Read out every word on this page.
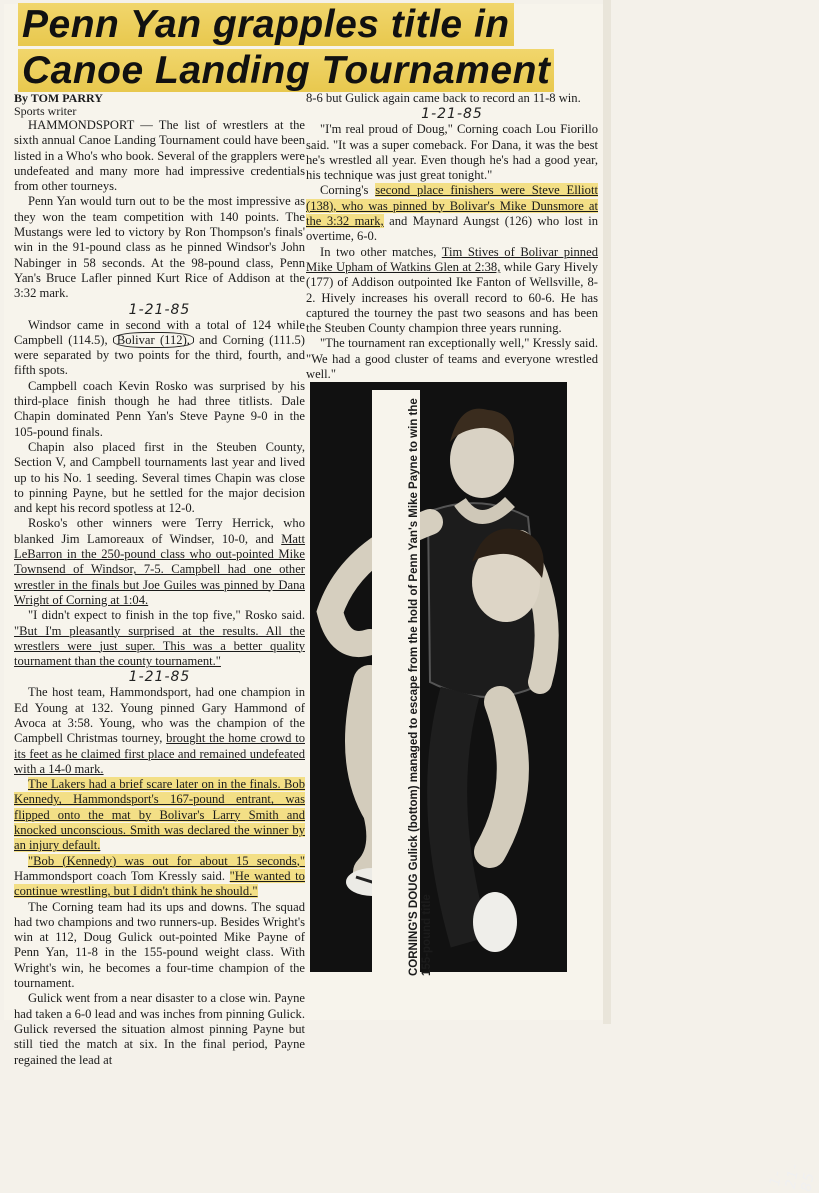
Penn Yan grapples title in
Canoe Landing Tournament

By TOM PARRY

Sports writer

HAMMONDSPORT — The list of wrestlers at the sixth annual Canoe Landing Tournament could have been listed in a Who's who book. Several of the grapplers were undefeated and many more had impressive credentials from other tourneys.

Penn Yan would turn out to be the most impressive as they won the team competition with 140 points. The Mustangs were led to victory by Ron Thompson's finals' win in the 91-pound class as he pinned Windsor's John Nabinger in 58 seconds. At the 98-pound class, Penn Yan's Bruce Lafler pinned Kurt Rice of Addison at the 3:32 mark.

1-21-85

Windsor came in second with a total of 124 while Campbell (114.5), Bolivar (112), and Corning (111.5) were separated by two points for the third, fourth, and fifth spots.

Campbell coach Kevin Rosko was surprised by his third-place finish though he had three titlists. Dale Chapin dominated Penn Yan's Steve Payne 9-0 in the 105-pound finals.

Chapin also placed first in the Steuben County, Section V, and Campbell tournaments last year and lived up to his No. 1 seeding. Several times Chapin was close to pinning Payne, but he settled for the major decision and kept his record spotless at 12-0.

Rosko's other winners were Terry Herrick, who blanked Jim Lamoreaux of Windser, 10-0, and Matt LeBarron in the 250-pound class who out-pointed Mike Townsend of Windsor, 7-5. Campbell had one other wrestler in the finals but Joe Guiles was pinned by Dana Wright of Corning at 1:04.

"I didn't expect to finish in the top five," Rosko said. "But I'm pleasantly surprised at the results. All the wrestlers were just super. This was a better quality tournament than the county tournament."

1-21-85

The host team, Hammondsport, had one champion in Ed Young at 132. Young pinned Gary Hammond of Avoca at 3:58. Young, who was the champion of the Campbell Christmas tourney, brought the home crowd to its feet as he claimed first place and remained undefeated with a 14-0 mark.

The Lakers had a brief scare later on in the finals. Bob Kennedy, Hammondsport's 167-pound entrant, was flipped onto the mat by Bolivar's Larry Smith and knocked unconscious. Smith was declared the winner by an injury default.

"Bob (Kennedy) was out for about 15 seconds," Hammondsport coach Tom Kressly said. "He wanted to continue wrestling, but I didn't think he should."

The Corning team had its ups and downs. The squad had two champions and two runners-up. Besides Wright's win at 112, Doug Gulick out-pointed Mike Payne of Penn Yan, 11-8 in the 155-pound weight class. With Wright's win, he becomes a four-time champion of the tournament.

Gulick went from a near disaster to a close win. Payne had taken a 6-0 lead and was inches from pinning Gulick. Gulick reversed the situation almost pinning Payne but still tied the match at six. In the final period, Payne regained the lead at

8-6 but Gulick again came back to record an 11-8 win.

1-21-85

"I'm real proud of Doug," Corning coach Lou Fiorillo said. "It was a super comeback. For Dana, it was the best he's wrestled all year. Even though he's had a good year, his technique was just great tonight."

Corning's second place finishers were Steve Elliott (138), who was pinned by Bolivar's Mike Dunsmore at the 3:32 mark, and Maynard Aungst (126) who lost in overtime, 6-0.

In two other matches, Tim Stives of Bolivar pinned Mike Upham of Watkins Glen at 2:38, while Gary Hively (177) of Addison outpointed Ike Fanton of Wellsville, 8-2. Hively increases his overall record to 60-6. He has captured the tourney the past two seasons and has been the Steuben County champion three years running.

"The tournament ran exceptionally well," Kressly said. "We had a good cluster of teams and everyone wrestled well."

1-21-85
CORNING'S DOUG Gulick (bottom) managed to escape from the hold of Penn Yan's Mike Payne to win the 155-pound title
